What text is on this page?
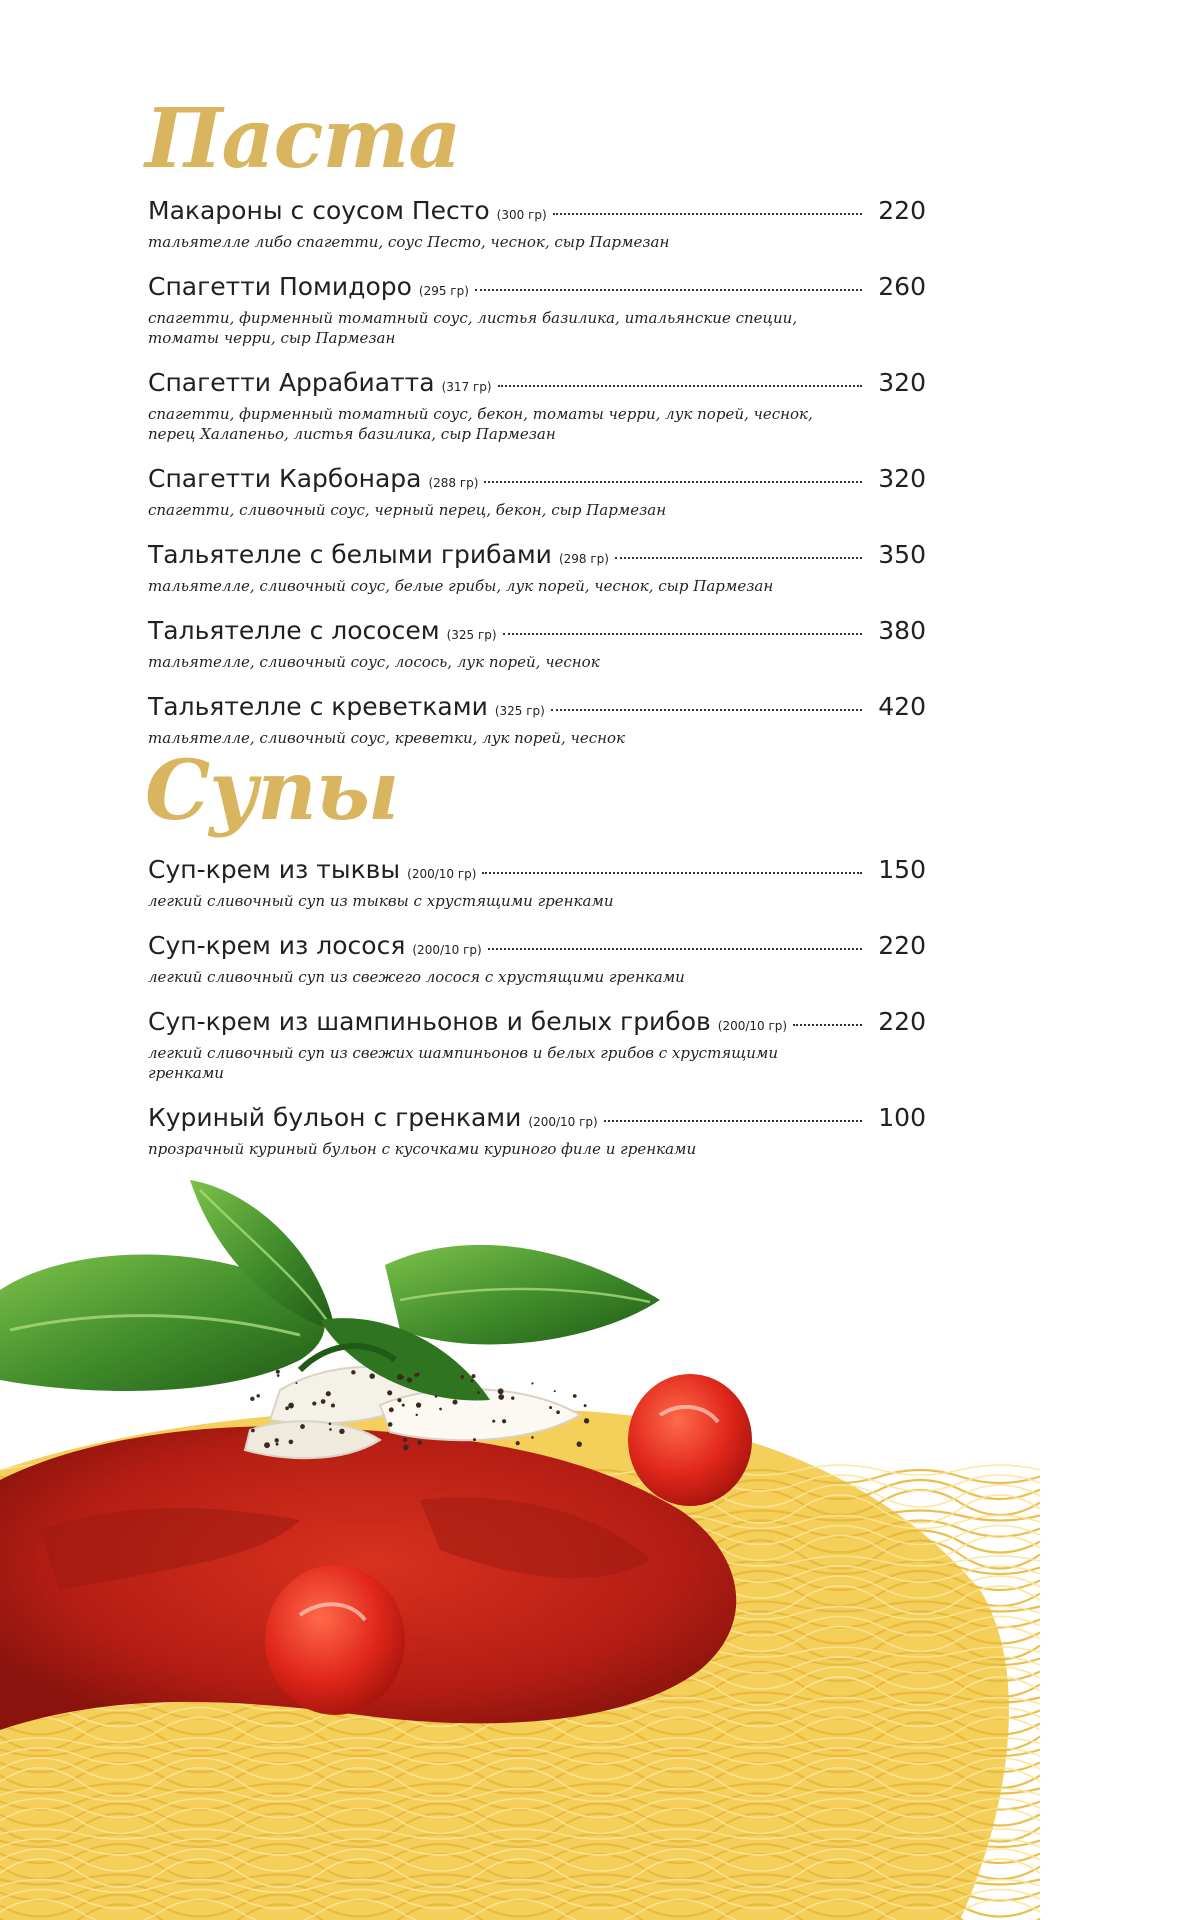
Паста
Макароны с соусом Песто (300 гр)	220
тальятелле либо спагетти, соус Песто, чеснок, сыр Пармезан
Спагетти Помидоро (295 гр)	260
спагетти, фирменный томатный соус, листья базилика, итальянские специи, томаты черри, сыр Пармезан
Спагетти Аррабиатта (317 гр)	320
спагетти, фирменный томатный соус, бекон, томаты черри, лук порей, чеснок, перец Халапеньо, листья базилика, сыр Пармезан
Спагетти Карбонара (288 гр)	320
спагетти, сливочный соус, черный перец, бекон, сыр Пармезан
Тальятелле с белыми грибами (298 гр)	350
тальятелле, сливочный соус, белые грибы, лук порей, чеснок, сыр Пармезан
Тальятелле с лососем (325 гр)	380
тальятелле, сливочный соус, лосось, лук порей, чеснок
Тальятелле с креветками (325 гр)	420
тальятелле, сливочный соус, креветки, лук порей, чеснок
Супы
Суп-крем из тыквы (200/10 гр)	150
легкий сливочный суп из тыквы с хрустящими гренками
Суп-крем из лосося (200/10 гр)	220
легкий сливочный суп из свежего лосося с хрустящими гренками
Суп-крем из шампиньонов и белых грибов (200/10 гр)	220
легкий сливочный суп из свежих шампиньонов и белых грибов с хрустящими гренками
Куриный бульон с гренками (200/10 гр)	100
прозрачный куриный бульон с кусочками куриного филе и гренками
